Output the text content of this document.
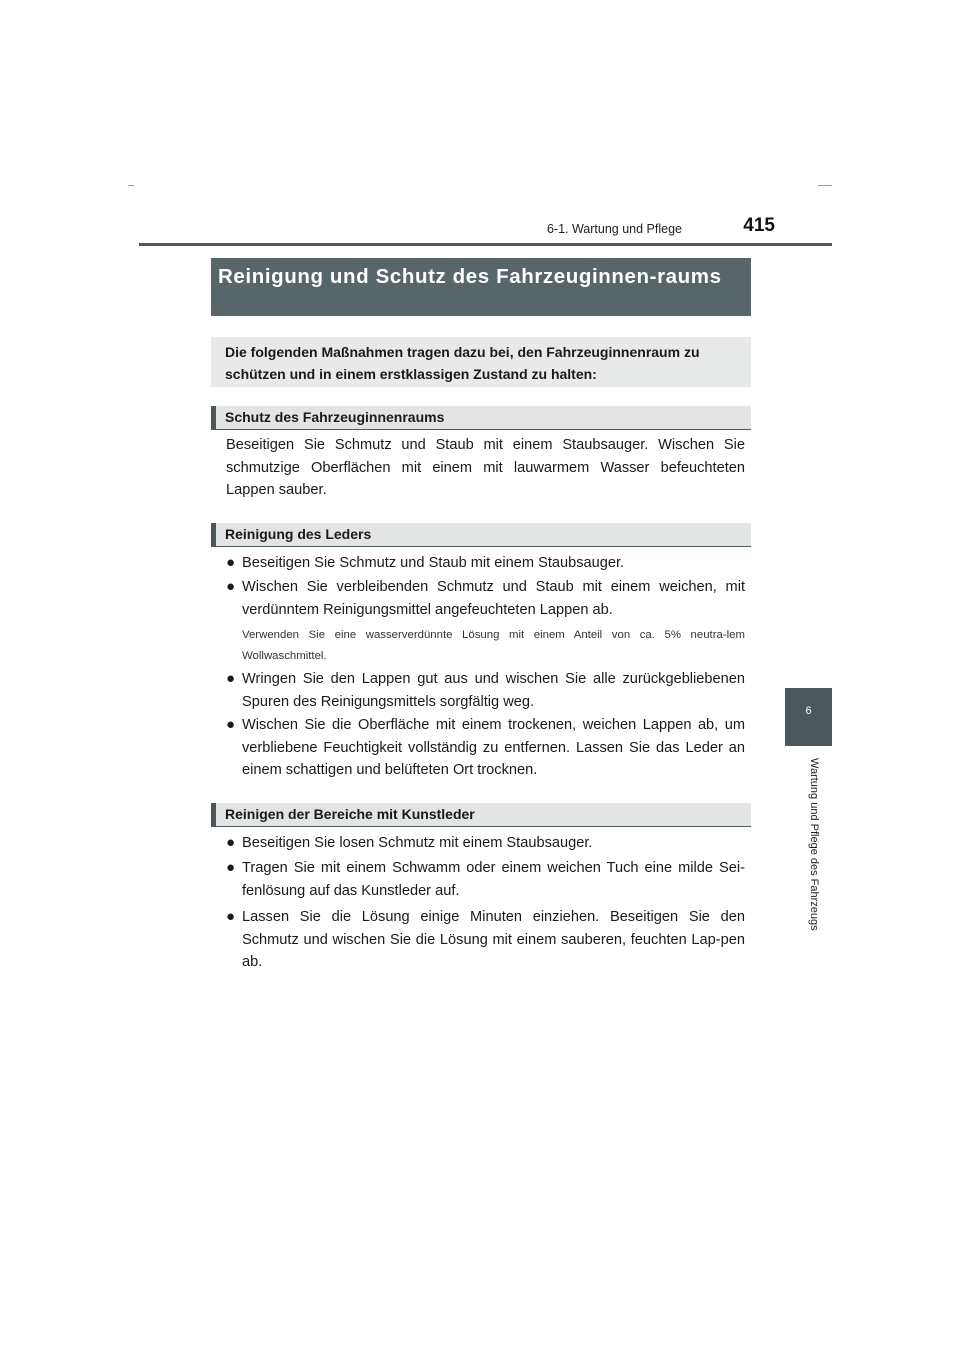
6-1. Wartung und Pflege	415
6
Wartung und Pflege des Fahrzeugs
Reinigung und Schutz des Fahrzeuginnen-raums
Die folgenden Maßnahmen tragen dazu bei, den Fahrzeuginnenraum zu schützen und in einem erstklassigen Zustand zu halten:
Schutz des Fahrzeuginnenraums
Beseitigen Sie Schmutz und Staub mit einem Staubsauger. Wischen Sie schmutzige Oberflächen mit einem mit lauwarmem Wasser befeuchteten Lappen sauber.
Reinigung des Leders
● Beseitigen Sie Schmutz und Staub mit einem Staubsauger.
● Wischen Sie verbleibenden Schmutz und Staub mit einem weichen, mit verdünntem Reinigungsmittel angefeuchteten Lappen ab.
Verwenden Sie eine wasserverdünnte Lösung mit einem Anteil von ca. 5% neutra-lem Wollwaschmittel.
● Wringen Sie den Lappen gut aus und wischen Sie alle zurückgebliebenen Spuren des Reinigungsmittels sorgfältig weg.
● Wischen Sie die Oberfläche mit einem trockenen, weichen Lappen ab, um verbliebene Feuchtigkeit vollständig zu entfernen. Lassen Sie das Leder an einem schattigen und belüfteten Ort trocknen.
Reinigen der Bereiche mit Kunstleder
● Beseitigen Sie losen Schmutz mit einem Staubsauger.
● Tragen Sie mit einem Schwamm oder einem weichen Tuch eine milde Sei-fenlösung auf das Kunstleder auf.
● Lassen Sie die Lösung einige Minuten einziehen. Beseitigen Sie den Schmutz und wischen Sie die Lösung mit einem sauberen, feuchten Lap-pen ab.
